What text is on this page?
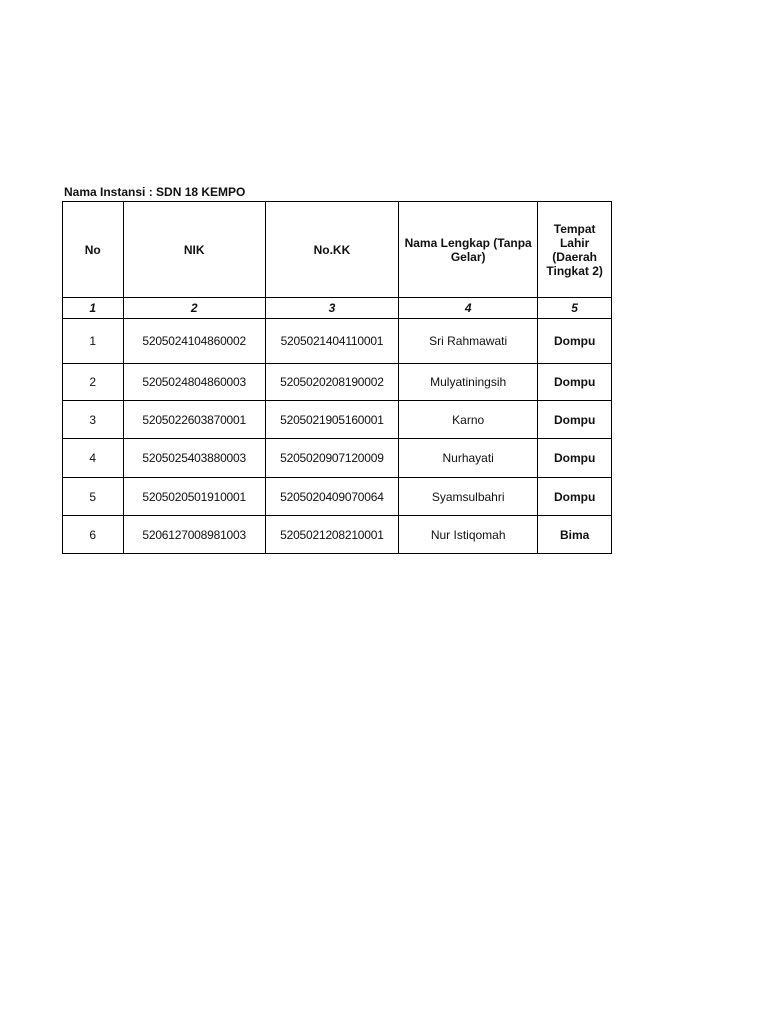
Nama Instansi : SDN 18 KEMPO
No	NIK	No.KK	Nama Lengkap (Tanpa Gelar)	Tempat Lahir (Daerah Tingkat 2)
1	2	3	4	5
1	5205024104860002	5205021404110001	Sri Rahmawati	Dompu
2	5205024804860003	5205020208190002	Mulyatiningsih	Dompu
3	5205022603870001	5205021905160001	Karno	Dompu
4	5205025403880003	5205020907120009	Nurhayati	Dompu
5	5205020501910001	5205020409070064	Syamsulbahri	Dompu
6	5206127008981003	5205021208210001	Nur Istiqomah	Bima
